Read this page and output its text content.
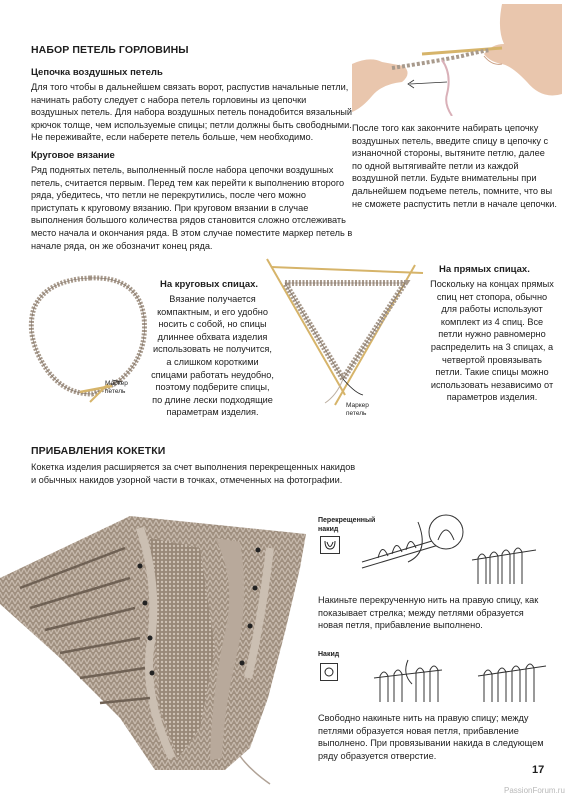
НАБОР ПЕТЕЛЬ ГОРЛОВИНЫ
Цепочка воздушных петель
Для того чтобы в дальнейшем связать ворот, распустив начальные петли, начинать работу следует с набора петель горловины из цепочки воздушных петель. Для набора воздушных петель понадобится вязальный крючок толще, чем используемые спицы; петли должны быть свободными. Не переживайте, если наберете петель больше, чем необходимо.
Круговое вязание
Ряд поднятых петель, выполненный после набора цепочки воздушных петель, считается первым. Перед тем как перейти к выполнению второго ряда, убедитесь, что петли не перекрутились, после чего можно приступать к круговому вязанию. При круговом вязании в случае выполнения большого количества рядов становится сложно отслеживать место начала и окончания ряда. В этом случае поместите маркер петель в начале ряда, он же обозначит конец ряда.
После того как закончите набирать цепочку воздушных петель, введите спицу в цепочку с изнаночной стороны, вытяните петлю, далее по одной вытягивайте петли из каждой воздушной петли. Будьте внимательны при дальнейшем подъеме петель, помните, что вы не сможете распустить петли в начале цепочки.
Маркер петель
На круговых спицах.
Вязание получается компактным, и его удобно носить с собой, но спицы длиннее обхвата изделия использовать не получится, а слишком короткими спицами работать неудобно, поэтому подберите спицы, по длине лески подходящие параметрам изделия.
Маркер петель
На прямых спицах.
Поскольку на концах прямых спиц нет стопора, обычно для работы используют комплект из 4 спиц. Все петли нужно равномерно распределить на 3 спицах, а четвертой провязывать петли. Такие спицы можно использовать независимо от параметров изделия.
ПРИБАВЛЕНИЯ КОКЕТКИ
Кокетка изделия расширяется за счет выполнения перекрещенных накидов и обычных накидов узорной части в точках, отмеченных на фотографии.
Перекрещенный накид
Накиньте перекрученную нить на правую спицу, как показывает стрелка; между петлями образуется новая петля, прибавление выполнено.
Накид
Свободно накиньте нить на правую спицу; между петлями образуется новая петля, прибавление выполнено. При провязывании накида в следующем ряду образуется отверстие.
17
PassionForum.ru
